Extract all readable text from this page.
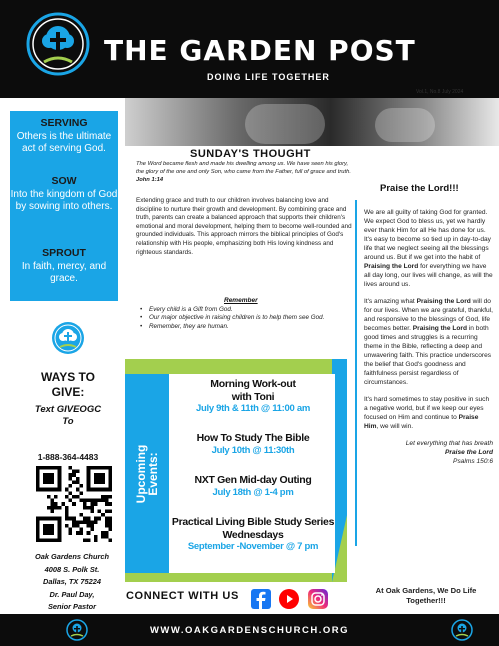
THE GARDEN POST
DOING LIFE TOGETHER
Vol.1, No.8 July 2024
SERVING
Others is the ultimate act of serving God.
SOW
Into the kingdom of God by sowing into others.
SPROUT
In faith, mercy, and grace.
SUNDAY'S THOUGHT
The Word became flesh and made his dwelling among us. We have seen his glory, the glory of the one and only Son, who came from the Father, full of grace and truth. John 1:14
Extending grace and truth to our children involves balancing love and discipline to nurture their growth and development. By combining grace and truth, parents can create a balanced approach that supports their children's emotional and moral development, helping them to become well-rounded and grounded individuals. This approach mirrors the biblical principles of God's relationship with His people, emphasizing both His loving kindness and righteous standards.
Remember
• Every child is a Gift from God.
• Our major objective in raising children is to help them see God.
• Remember, they are human.
Praise the Lord!!!

We are all guilty of taking God for granted. We expect God to bless us, yet we hardly ever thank Him for all He has done for us. It's easy to become so tied up in day-to-day life that we neglect seeing all the blessings around us. But if we get into the habit of Praising the Lord for everything we have all day long, our lives will change, as will the lives around us.

It's amazing what Praising the Lord will do for our lives. When we are grateful, thankful, and responsive to the blessings of God, life becomes better. Praising the Lord in both good times and struggles is a recurring theme in the Bible, reflecting a deep and unwavering faith. This practice underscores the belief that God's goodness and faithfulness persist regardless of circumstances.

It's hard sometimes to stay positive in such a negative world, but if we keep our eyes focused on Him and continue to Praise Him, we will win.

Let everything that has breath
Praise the Lord
Psalms 150:6
At Oak Gardens, We Do Life Together!!!
WAYS TO GIVE:
Text GIVEOGC To
1-888-364-4483
Oak Gardens Church
4008 S. Polk St.
Dallas, TX 75224
Dr. Paul Day,
Senior Pastor
Upcoming
Events:
Morning Work-out with Toni
July 9th & 11th @ 11:00 am
How To Study The Bible
July 10th @ 11:30th
NXT Gen Mid-day Outing
July 18th @ 1-4 pm
Practical Living Bible Study Series Wednesdays
September -November @ 7 pm
CONNECT WITH US
WWW.OAKGARDENSCHURCH.ORG
